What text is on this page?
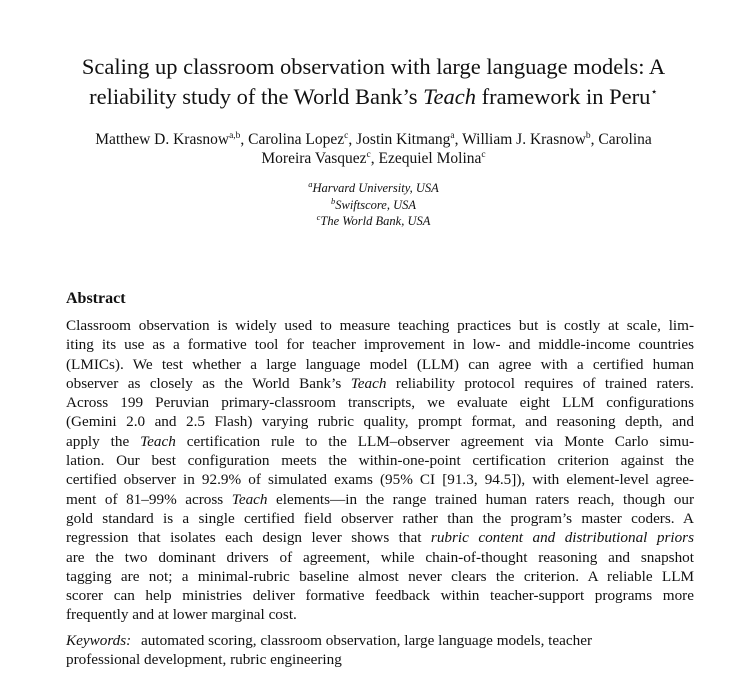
Scaling up classroom observation with large language models: A
reliability study of the World Bank’s Teach framework in Peru⋆
Matthew D. Krasnow$^{a,b}$, Carolina Lopez$^c$, Jostin Kitmang$^a$, William J. Krasnow$^b$, Carolina
Moreira Vasquez$^c$, Ezequiel Molina$^c$
$^a$Harvard University, USA
$^b$Swiftscore, USA
$^c$The World Bank, USA
Abstract
Classroom observation is widely used to measure teaching practices but is costly at scale, lim-
iting its use as a formative tool for teacher improvement in low- and middle-income countries
(LMICs). We test whether a large language model (LLM) can agree with a certified human
observer as closely as the World Bank’s Teach reliability protocol requires of trained raters.
Across 199 Peruvian primary-classroom transcripts, we evaluate eight LLM configurations
(Gemini 2.0 and 2.5 Flash) varying rubric quality, prompt format, and reasoning depth, and
apply the Teach certification rule to the LLM–observer agreement via Monte Carlo simu-
lation. Our best configuration meets the within-one-point certification criterion against the
certified observer in 92.9% of simulated exams (95% CI [91.3, 94.5]), with element-level agree-
ment of 81–99% across Teach elements—in the range trained human raters reach, though our
gold standard is a single certified field observer rather than the program’s master coders. A
regression that isolates each design lever shows that rubric content and distributional priors
are the two dominant drivers of agreement, while chain-of-thought reasoning and snapshot
tagging are not; a minimal-rubric baseline almost never clears the criterion. A reliable LLM
scorer can help ministries deliver formative feedback within teacher-support programs more
frequently and at lower marginal cost.
Keywords: automated scoring, classroom observation, large language models, teacher
professional development, rubric engineering
